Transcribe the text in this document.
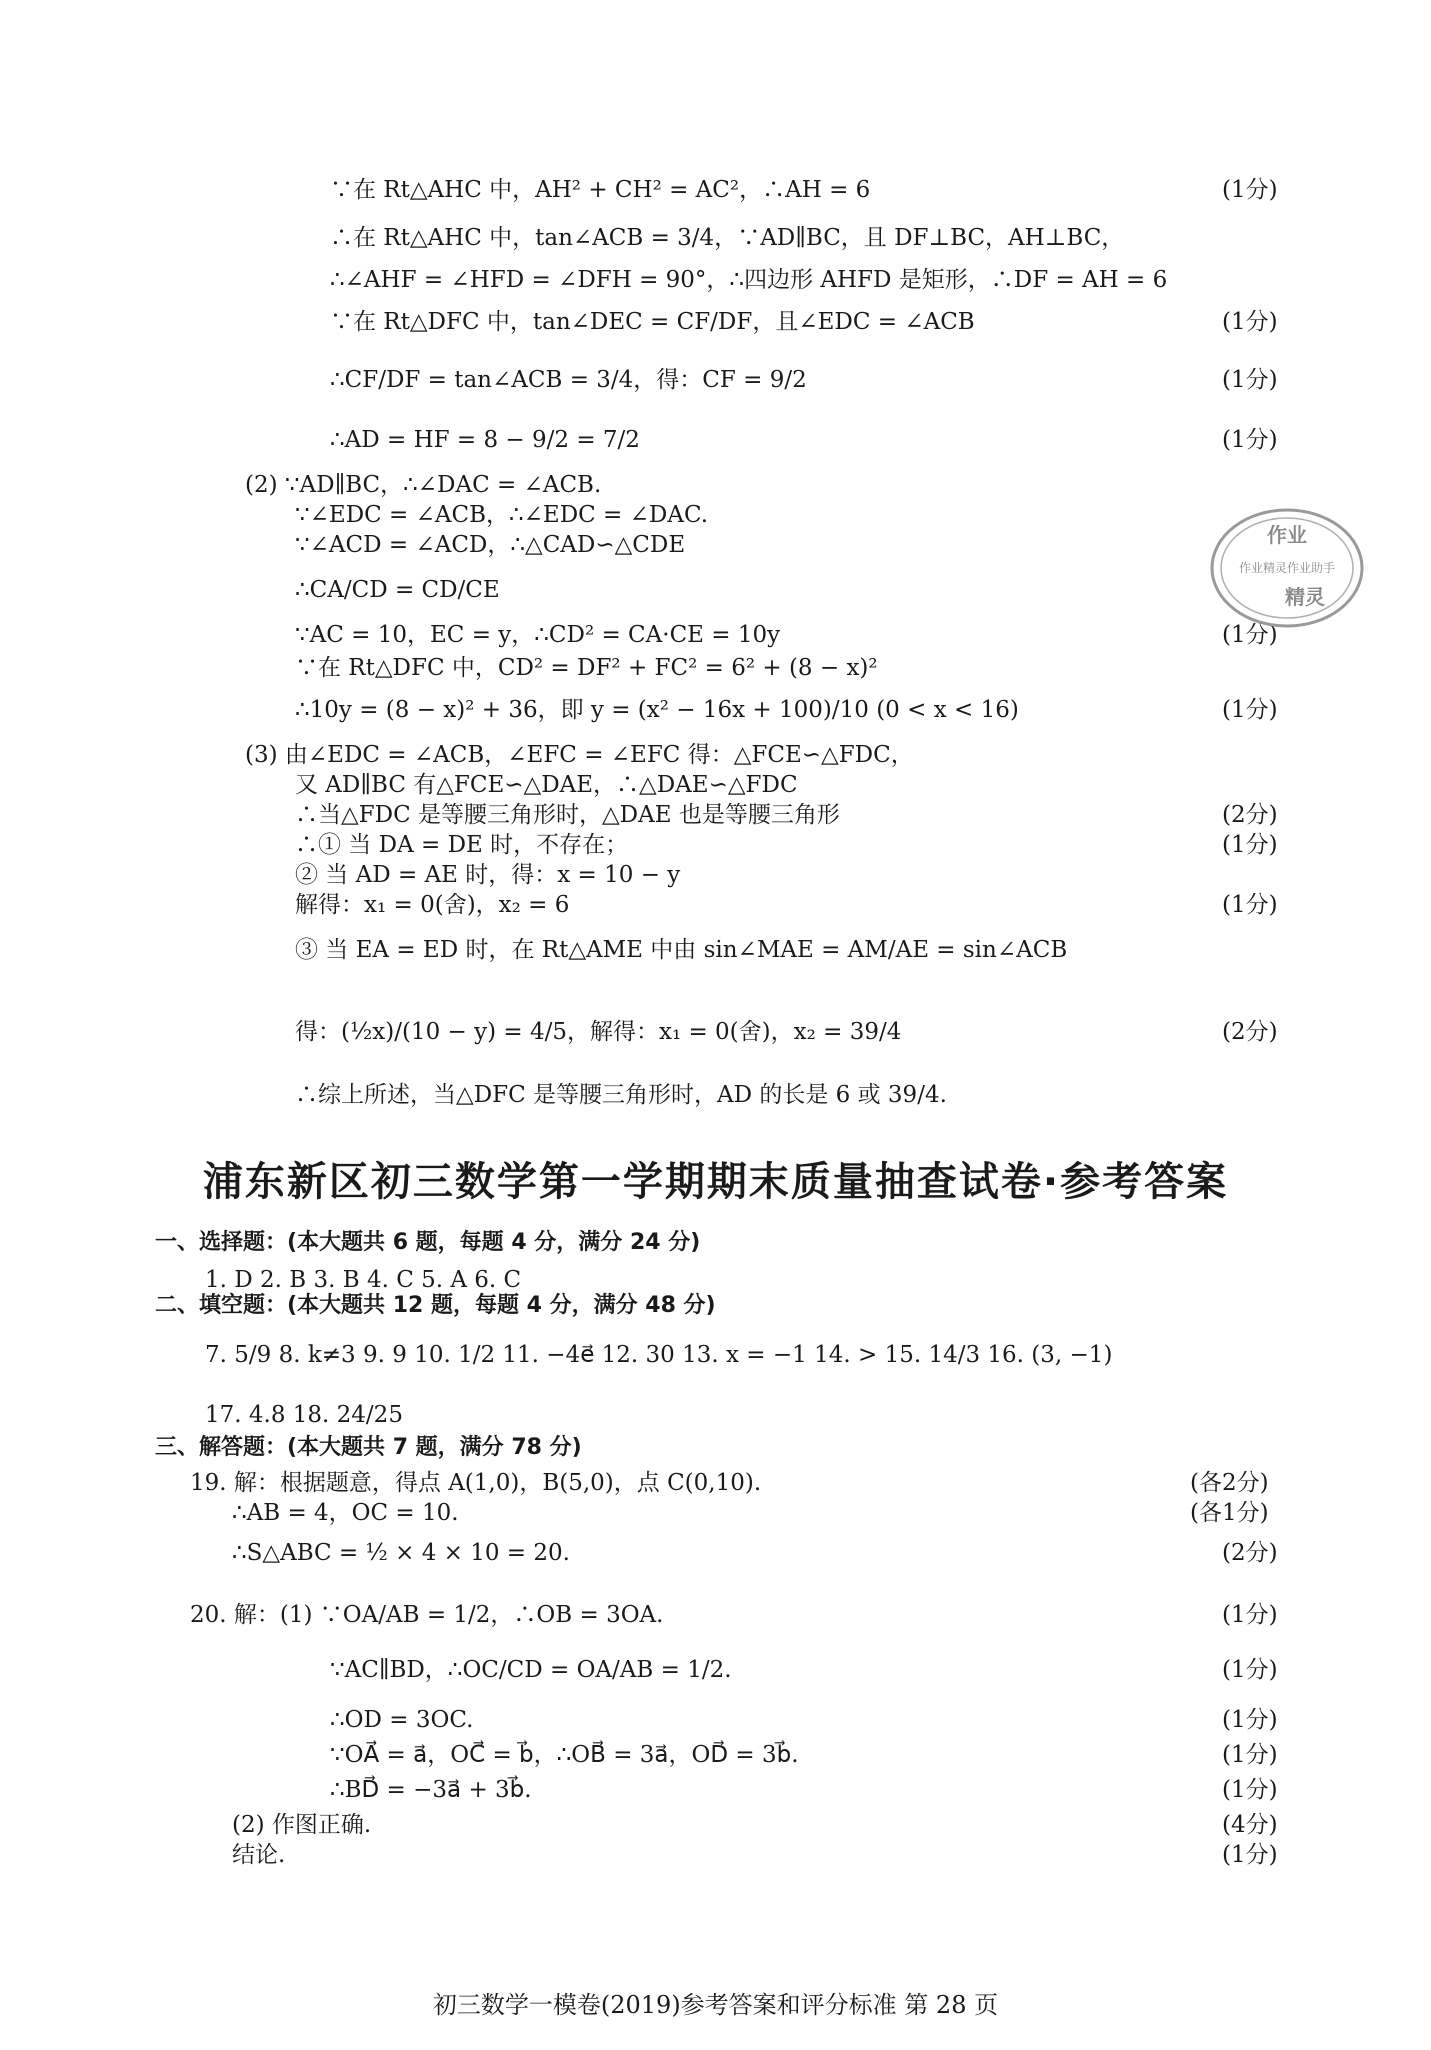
∵在 Rt△AHC 中，AH² + CH² = AC²，∴AH = 6
∴在 Rt△AHC 中，tan∠ACB = 3/4，∵AD∥BC，且 DF⊥BC，AH⊥BC，
∴∠AHF = ∠HFD = ∠DFH = 90°，∴四边形 AHFD 是矩形，∴DF = AH = 6
∵在 Rt△DFC 中，tan∠DEC = CF/DF，且∠EDC = ∠ACB
∴CF/DF = tan∠ACB = 3/4，得：CF = 9/2
∴AD = HF = 8 − 9/2 = 7/2
(2) ∵AD∥BC，∴∠DAC = ∠ACB.
∵∠EDC = ∠ACB，∴∠EDC = ∠DAC.
∵∠ACD = ∠ACD，∴△CAD∽△CDE
∴CA/CD = CD/CE
∵AC = 10，EC = y，∴CD² = CA·CE = 10y
∵在 Rt△DFC 中，CD² = DF² + FC² = 6² + (8 − x)²
∴10y = (8 − x)² + 36，即 y = (x² − 16x + 100)/10 (0 < x < 16)
(3) 由∠EDC = ∠ACB，∠EFC = ∠EFC 得：△FCE∽△FDC，
又 AD∥BC 有△FCE∽△DAE，∴△DAE∽△FDC
∴当△FDC 是等腰三角形时，△DAE 也是等腰三角形
∴① 当 DA = DE 时，不存在；
② 当 AD = AE 时，得：x = 10 − y
解得：x₁ = 0(舍)，x₂ = 6
③ 当 EA = ED 时，在 Rt△AME 中由 sin∠MAE = AM/AE = sin∠ACB
得：(½x)/(10 − y) = 4/5，解得：x₁ = 0(舍)，x₂ = 39/4
∴综上所述，当△DFC 是等腰三角形时，AD 的长是 6 或 39/4.
(1分)
(1分)
(1分)
(1分)
(1分)
(1分)
(2分)
(1分)
(1分)
(2分)
作业
作业精灵作业助手
精灵
浦东新区初三数学第一学期期末质量抽查试卷·参考答案
一、选择题：(本大题共 6 题，每题 4 分，满分 24 分)
1. D 2. B 3. B 4. C 5. A 6. C
二、填空题：(本大题共 12 题，每题 4 分，满分 48 分)
7. 5/9 8. k≠3 9. 9 10. 1/2 11. −4e⃗ 12. 30 13. x = −1 14. > 15. 14/3 16. (3, −1)
17. 4.8 18. 24/25
三、解答题：(本大题共 7 题，满分 78 分)
19. 解：根据题意，得点 A(1,0)，B(5,0)，点 C(0,10).
∴AB = 4，OC = 10.
∴S△ABC = ½ × 4 × 10 = 20.
20. 解：(1) ∵OA/AB = 1/2，∴OB = 3OA.
∵AC∥BD，∴OC/CD = OA/AB = 1/2.
∴OD = 3OC.
∵OA⃗ = a⃗，OC⃗ = b⃗，∴OB⃗ = 3a⃗，OD⃗ = 3b⃗.
∴BD⃗ = −3a⃗ + 3b⃗.
(2) 作图正确.
结论.
(各2分)
(各1分)
(2分)
(1分)
(1分)
(1分)
(1分)
(1分)
(4分)
(1分)
初三数学一模卷(2019)参考答案和评分标准 第 28 页
